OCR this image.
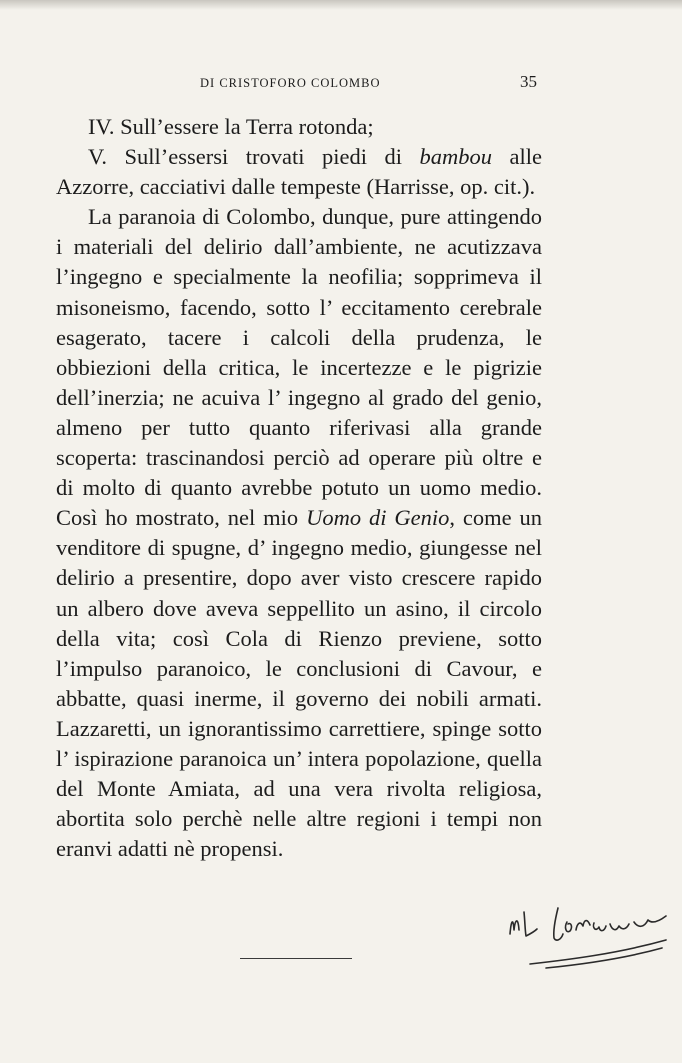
DI CRISTOFORO COLOMBO	35

IV. Sull’essere la Terra rotonda;

V. Sull’essersi trovati piedi di bambou alle Azzorre, cacciativi dalle tempeste (Harrisse, op. cit.).

La paranoia di Colombo, dunque, pure attingendo i materiali del delirio dall’ambiente, ne acutizzava l’ingegno e specialmente la neofilia; sopprimeva il misoneismo, facendo, sotto l’ eccitamento cerebrale esagerato, tacere i calcoli della prudenza, le obbiezioni della critica, le incertezze e le pigrizie dell’inerzia; ne acuiva l’ ingegno al grado del genio, almeno per tutto quanto riferivasi alla grande scoperta: trascinandosi perciò ad operare più oltre e di molto di quanto avrebbe potuto un uomo medio. Così ho mostrato, nel mio Uomo di Genio, come un venditore di spugne, d’ ingegno medio, giungesse nel delirio a presentire, dopo aver visto crescere rapido un albero dove aveva seppellito un asino, il circolo della vita; così Cola di Rienzo previene, sotto l’impulso paranoico, le conclusioni di Cavour, e abbatte, quasi inerme, il governo dei nobili armati. Lazzaretti, un ignorantissimo carrettiere, spinge sotto l’ ispirazione paranoica un’ intera popolazione, quella del Monte Amiata, ad una vera rivolta religiosa, abortita solo perchè nelle altre regioni i tempi non eranvi adatti nè propensi.
